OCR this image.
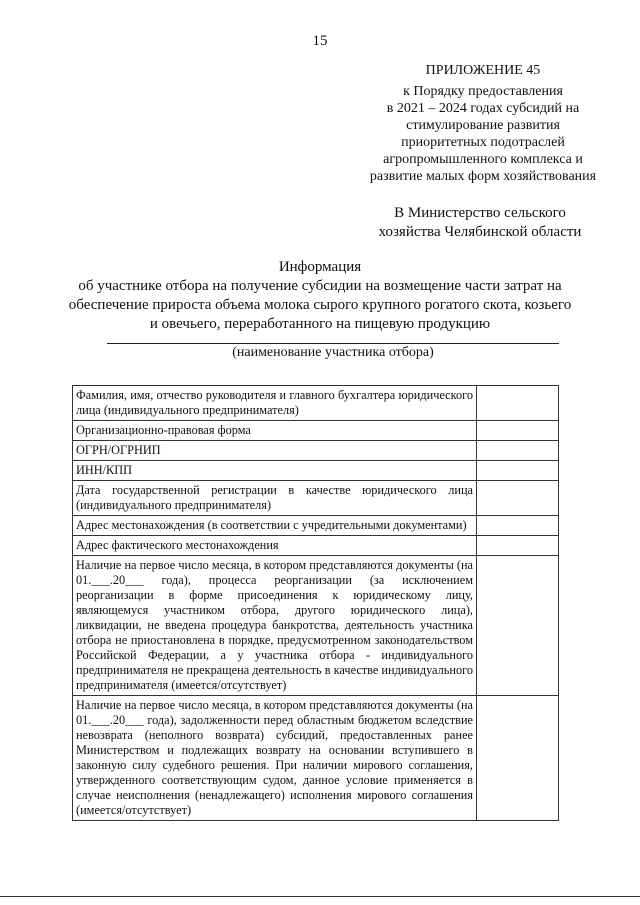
15
ПРИЛОЖЕНИЕ 45
к Порядку предоставления
в 2021 – 2024 годах субсидий на
стимулирование развития
приоритетных подотраслей
агропромышленного комплекса и
развитие малых форм хозяйствования
В Министерство сельского
хозяйства Челябинской области
Информация
об участнике отбора на получение субсидии на возмещение части затрат на
обеспечение прироста объема молока сырого крупного рогатого скота, козьего
и овечьего, переработанного на пищевую продукцию
(наименование участника отбора)
Фамилия, имя, отчество руководителя и главного бухгалтера юридического лица (индивидуального предпринимателя)	
Организационно-правовая форма	
ОГРН/ОГРНИП	
ИНН/КПП	
Дата государственной регистрации в качестве юридического лица (индивидуального предпринимателя)	
Адрес местонахождения (в соответствии с учредительными документами)	
Адрес фактического местонахождения	
Наличие на первое число месяца, в котором представляются документы (на 01.___.20___ года), процесса реорганизации (за исключением реорганизации в форме присоединения к юридическому лицу, являющемуся участником отбора, другого юридического лица), ликвидации, не введена процедура банкротства, деятельность участника отбора не приостановлена в порядке, предусмотренном законодательством Российской Федерации, а у участника отбора - индивидуального предпринимателя не прекращена деятельность в качестве индивидуального предпринимателя (имеется/отсутствует)	
Наличие на первое число месяца, в котором представляются документы (на 01.___.20___ года), задолженности перед областным бюджетом вследствие невозврата (неполного возврата) субсидий, предоставленных ранее Министерством и подлежащих возврату на основании вступившего в законную силу судебного решения. При наличии мирового соглашения, утвержденного соответствующим судом, данное условие применяется в случае неисполнения (ненадлежащего) исполнения мирового соглашения (имеется/отсутствует)	
